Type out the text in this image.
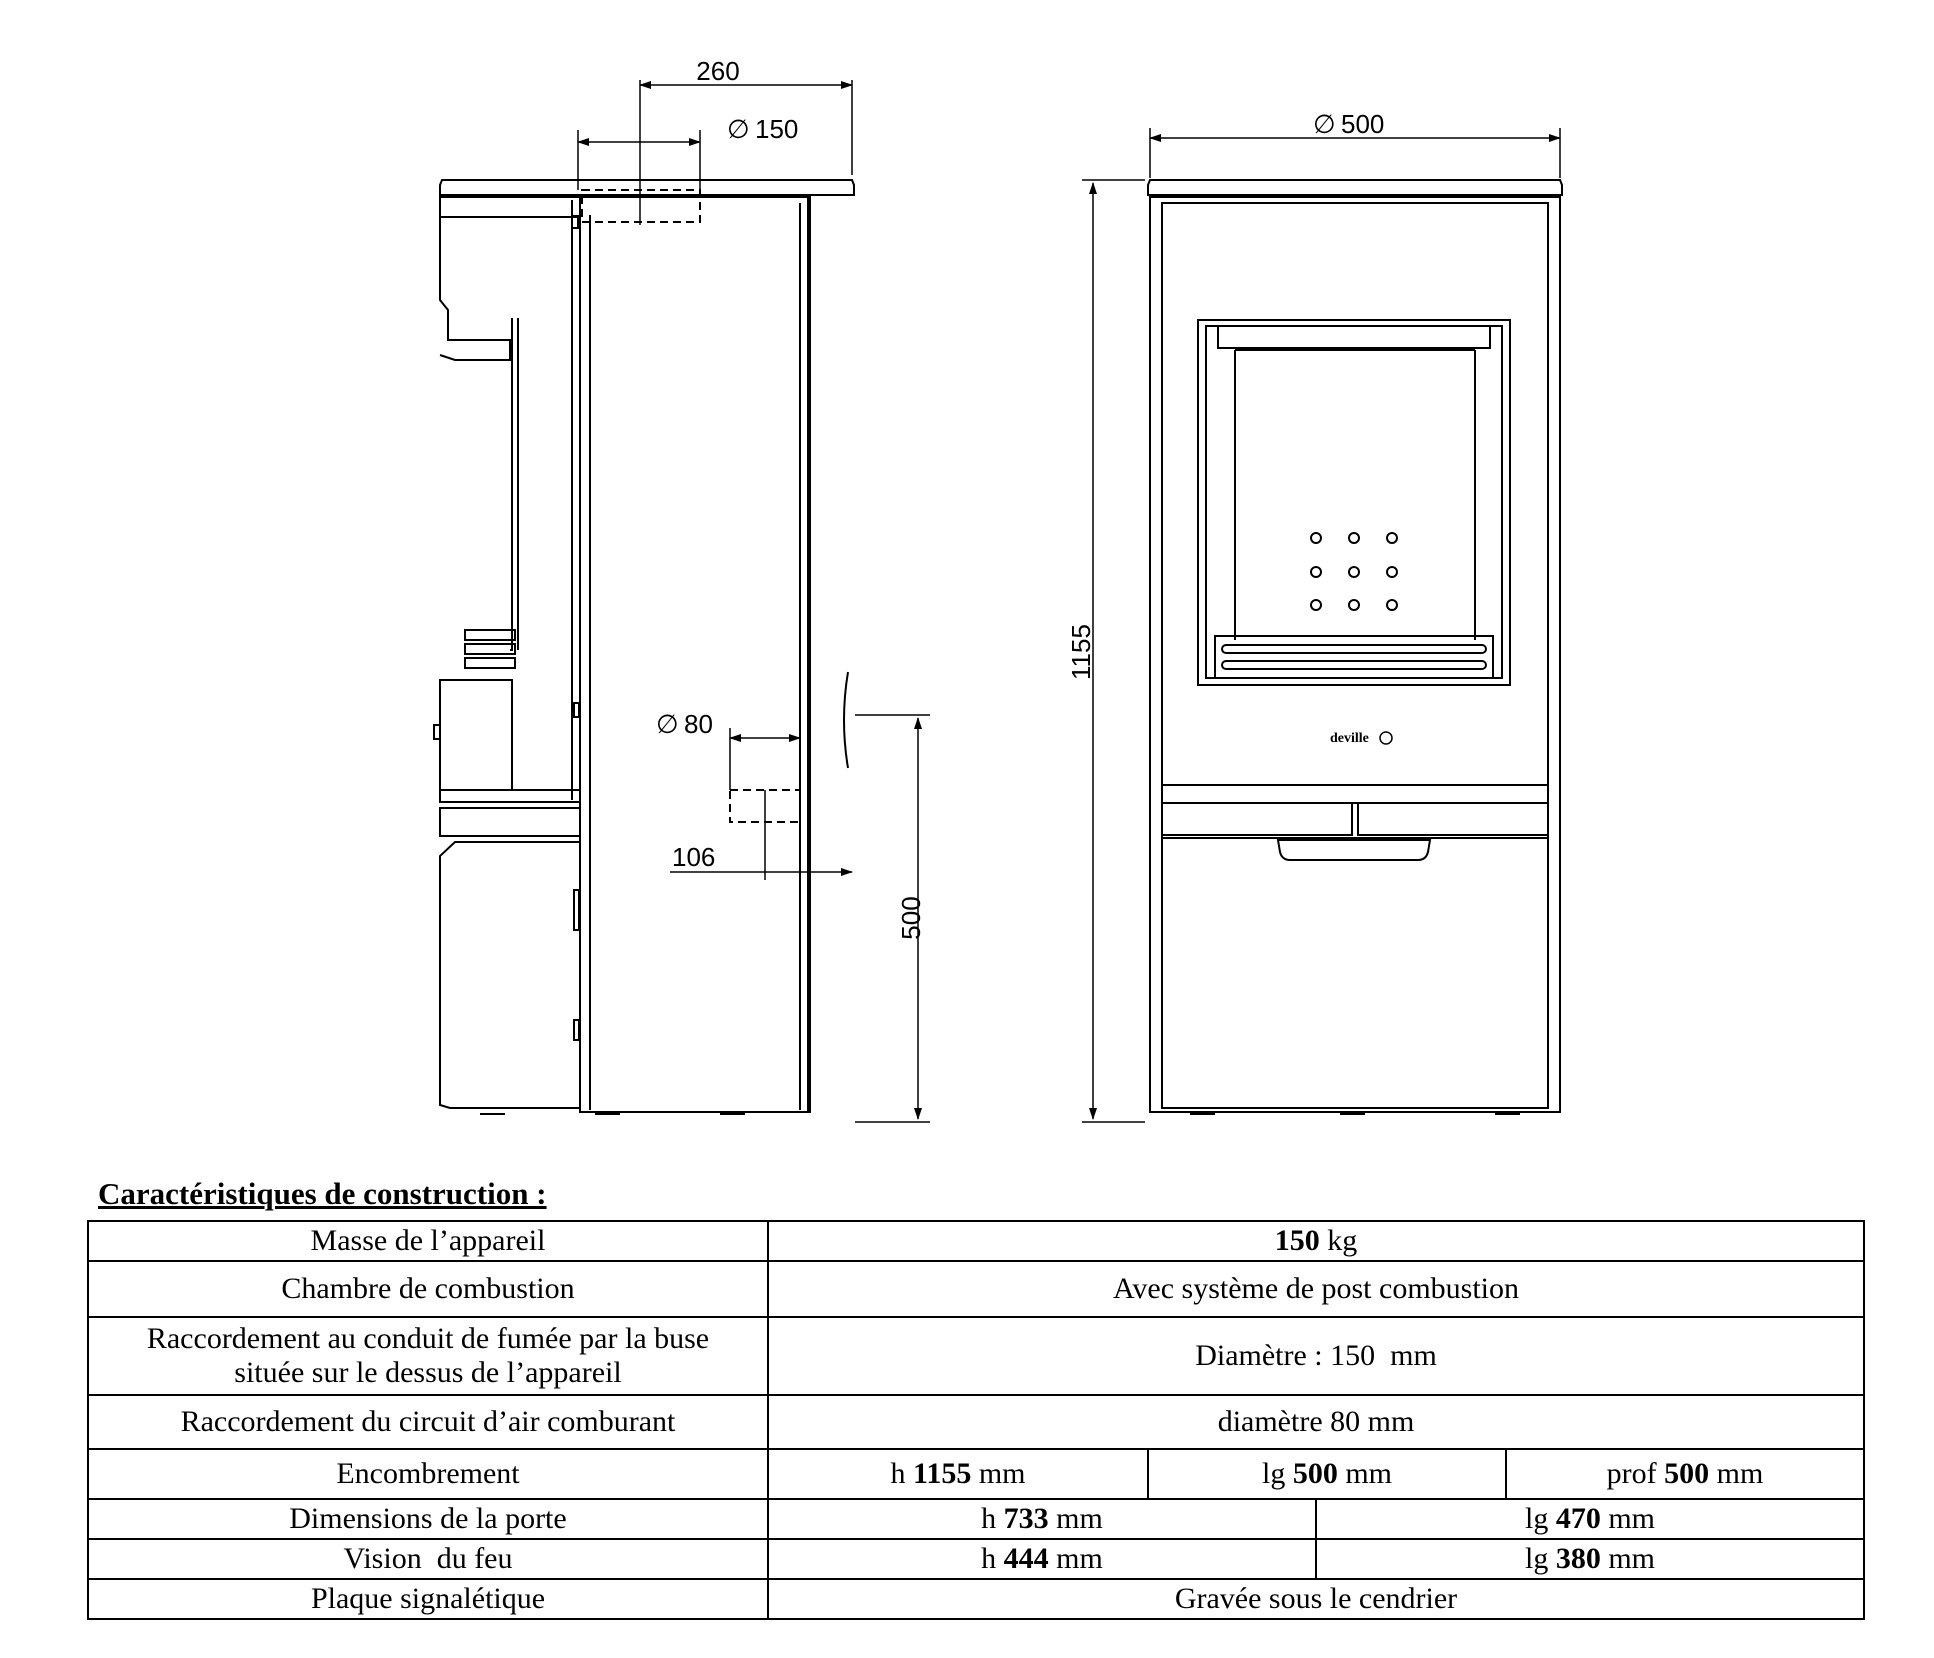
260
∅ 150
∅ 80
106
500
deville
∅ 500
1155
Caractéristiques de construction :
Masse de l’appareil	150 kg			
Chambre de combustion	Avec système de post combustion			
Raccordement au conduit de fumée par la buse
située sur le dessus de l’appareil	Diamètre : 150  mm			
Raccordement du circuit d’air comburant	diamètre 80 mm			
Encombrement	h 1155 mm	lg 500 mm		prof 500 mm
Dimensions de la porte	h 733 mm		lg 470 mm	
Vision  du feu	h 444 mm		lg 380 mm	
Plaque signalétique	Gravée sous le cendrier			
